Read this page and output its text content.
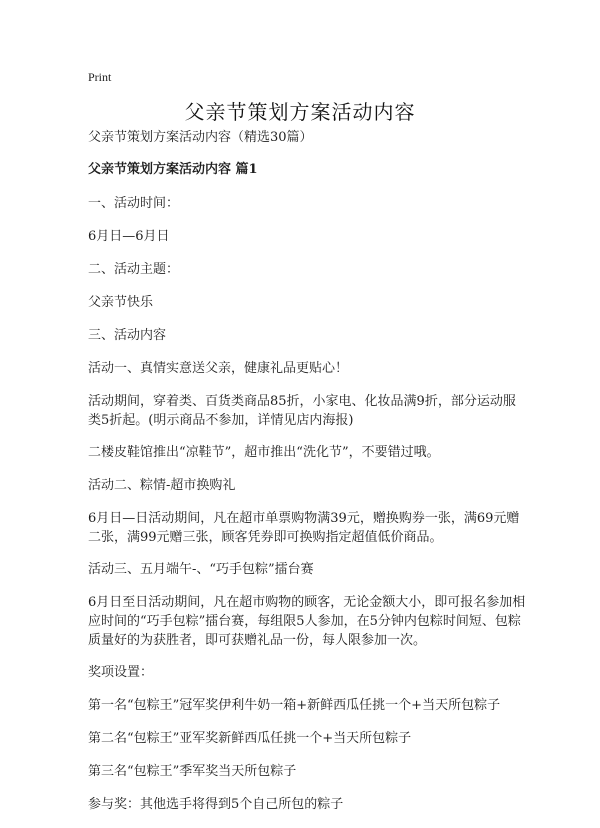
Print
父亲节策划方案活动内容

父亲节策划方案活动内容（精选30篇）

父亲节策划方案活动内容 篇1

一、活动时间：

6月日—6月日

二、活动主题：

父亲节快乐

三、活动内容

活动一、真情实意送父亲，健康礼品更贴心！

活动期间，穿着类、百货类商品85折，小家电、化妆品满9折，部分运动服类5折起。(明示商品不参加，详情见店内海报)

二楼皮鞋馆推出“凉鞋节”，超市推出“洗化节”，不要错过哦。

活动二、粽情-超市换购礼

6月日—日活动期间，凡在超市单票购物满39元，赠换购券一张，满69元赠二张，满99元赠三张，顾客凭券即可换购指定超值低价商品。

活动三、五月端午-、“巧手包粽”擂台赛

6月日至日活动期间，凡在超市购物的顾客，无论金额大小，即可报名参加相应时间的“巧手包粽”擂台赛，每组限5人参加，在5分钟内包粽时间短、包粽质量好的为获胜者，即可获赠礼品一份，每人限参加一次。

奖项设置：

第一名“包粽王”冠军奖伊利牛奶一箱+新鲜西瓜任挑一个+当天所包粽子

第二名“包粽王”亚军奖新鲜西瓜任挑一个+当天所包粽子

第三名“包粽王”季军奖当天所包粽子

参与奖：其他选手将得到5个自己所包的粽子
